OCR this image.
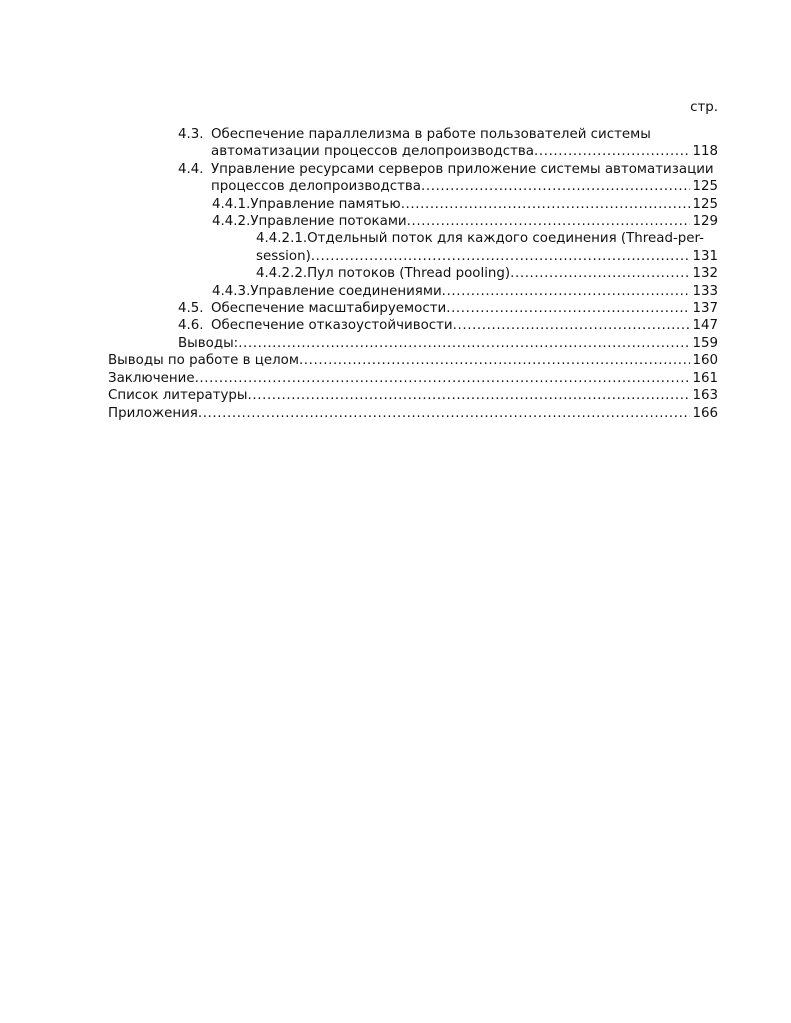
стр.
4.3. Обеспечение параллелизма в работе пользователей системы
автоматизации процессов делопроизводства .....	118
4.4. Управление ресурсами серверов приложение системы автоматизации
процессов делопроизводства .....	125
4.4.1.Управление памятью .....	125
4.4.2.Управление потоками .....	129
4.4.2.1.Отдельный поток для каждого соединения (Thread-per-
session) .....	131
4.4.2.2.Пул потоков (Thread pooling) .....	132
4.4.3.Управление соединениями .....	133
4.5. Обеспечение масштабируемости .....	137
4.6. Обеспечение отказоустойчивости .....	147
Выводы: .....	159
Выводы по работе в целом .....	160
Заключение .....	161
Список литературы .....	163
Приложения .....	166
